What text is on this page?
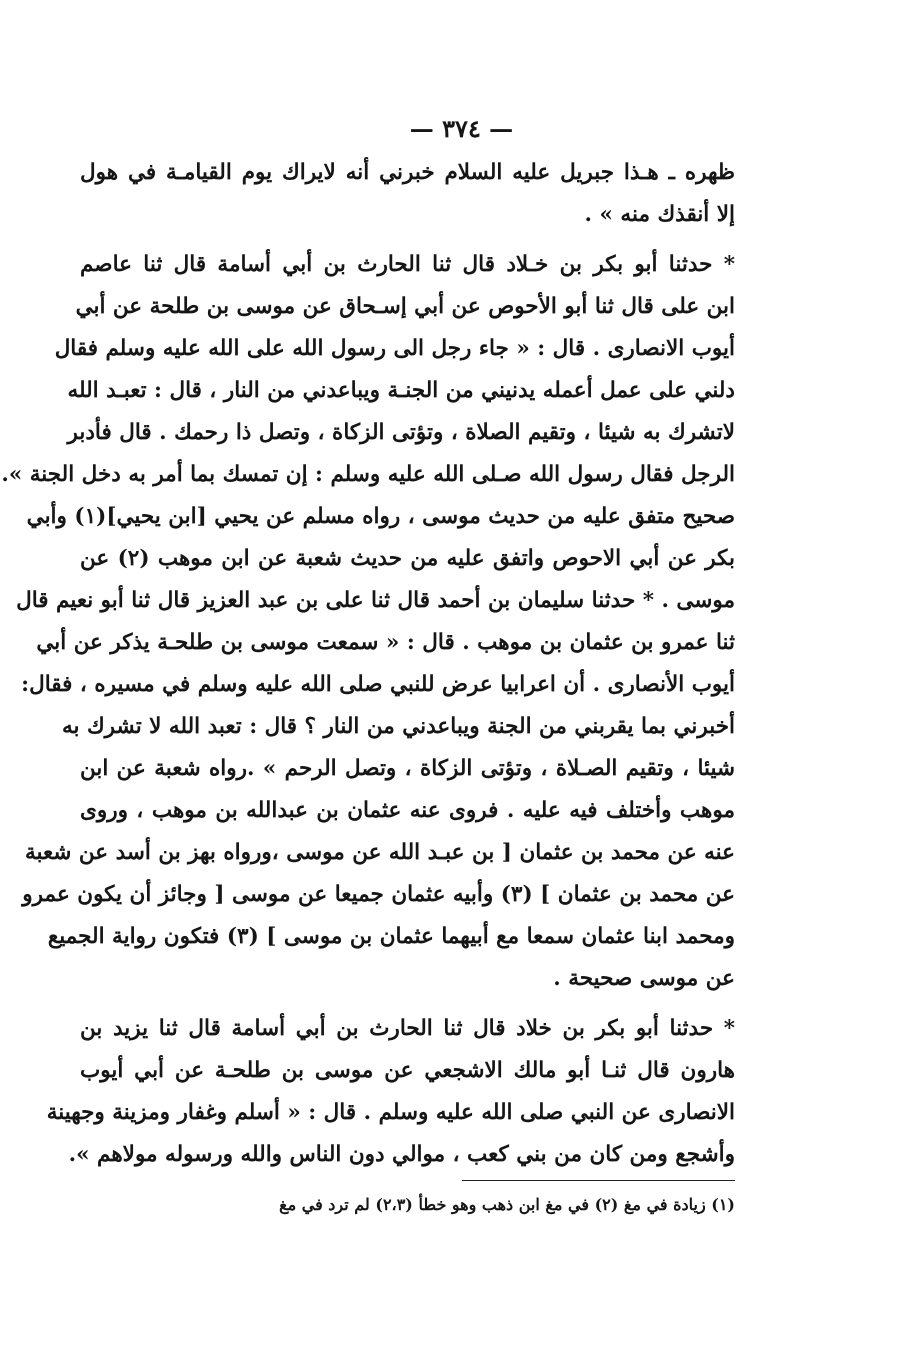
— ٣٧٤ —
ظهره ـ هـذا جبريل عليه السلام خبرني أنه لايراك يوم القيامـة في هول
إلا أنقذك منه » .
* حدثنا أبو بكر بن خـلاد قال ثنا الحارث بن أبي أسامة قال ثنا عاصم
ابن على قال ثنا أبو الأحوص عن أبي إسـحاق عن موسى بن طلحة عن أبي
أيوب الانصارى . قال : « جاء رجل الى رسول الله على الله عليه وسلم فقال
دلني على عمل أعمله يدنيني من الجنـة ويباعدني من النار ، قال : تعبـد الله
لاتشرك به شيئا ، وتقيم الصلاة ، وتؤتى الزكاة ، وتصل ذا رحمك . قال فأدبر
الرجل فقال رسول الله صـلى الله عليه وسلم : إن تمسك بما أمر به دخل الجنة ».
صحيح متفق عليه من حديث موسى ، رواه مسلم عن يحيي [ابن يحيي](١) وأبي
بكر عن أبي الاحوص واتفق عليه من حديث شعبة عن ابن موهب (٢) عن
موسى . * حدثنا سليمان بن أحمد قال ثنا على بن عبد العزيز قال ثنا أبو نعيم قال
ثنا عمرو بن عثمان بن موهب . قال : « سمعت موسى بن طلحـة يذكر عن أبي
أيوب الأنصارى . أن اعرابيا عرض للنبي صلى الله عليه وسلم في مسيره ، فقال:
أخبرني بما يقربني من الجنة ويباعدني من النار ؟ قال : تعبد الله لا تشرك به
شيئا ، وتقيم الصـلاة ، وتؤتى الزكاة ، وتصل الرحم » .رواه شعبة عن ابن
موهب وأختلف فيه عليه . فروى عنه عثمان بن عبدالله بن موهب ، وروى
عنه عن محمد بن عثمان [ بن عبـد الله عن موسى ،ورواه بهز بن أسد عن شعبة
عن محمد بن عثمان ] (٣) وأبيه عثمان جميعا عن موسى [ وجائز أن يكون عمرو
ومحمد ابنا عثمان سمعا مع أبيهما عثمان بن موسى ] (٣) فتكون رواية الجميع
عن موسى صحيحة .
* حدثنا أبو بكر بن خلاد قال ثنا الحارث بن أبي أسامة قال ثنا يزيد بن
هارون قال ثنـا أبو مالك الاشجعي عن موسى بن طلحـة عن أبي أيوب
الانصارى عن النبي صلى الله عليه وسلم . قال : « أسلم وغفار ومزينة وجهينة
وأشجع ومن كان من بني كعب ، موالي دون الناس والله ورسوله مولاهم ».
(١) زيادة في مغ (٢) في مغ ابن ذهب وهو خطأ (٢،٣) لم ترد في مغ
